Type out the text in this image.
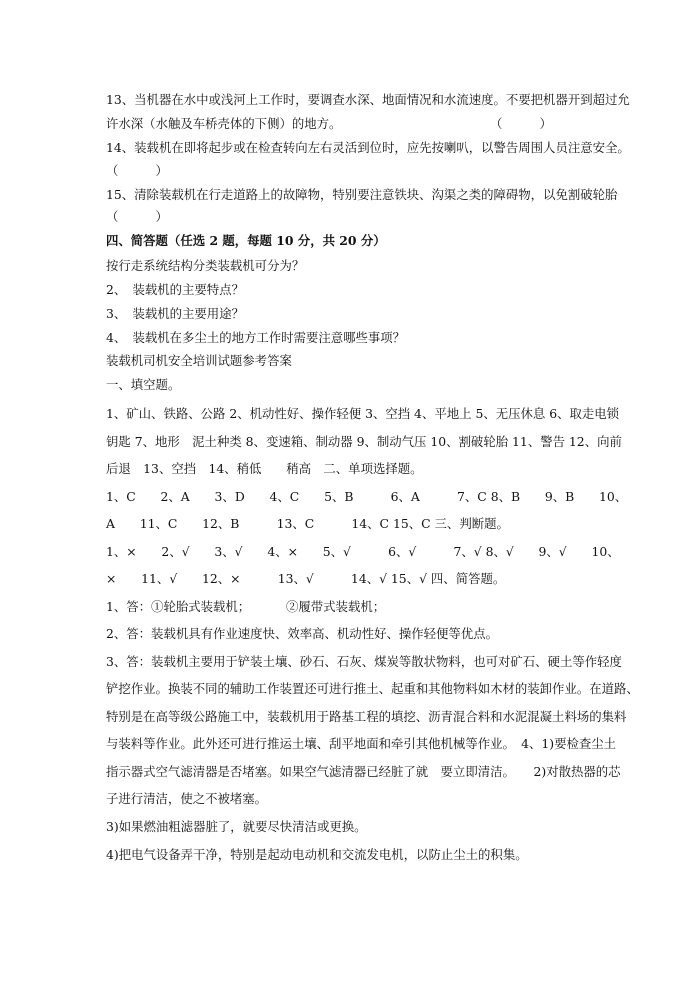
13、当机器在水中或浅河上工作时，要调查水深、地面情况和水流速度。不要把机器开到超过允
许水深（水触及车桥壳体的下侧）的地方。	（　　　）
14、装载机在即将起步或在检查转向左右灵活到位时，应先按喇叭，以警告周围人员注意安全。
（　　　）
15、清除装载机在行走道路上的故障物，特别要注意铁块、沟渠之类的障碍物，以免割破轮胎
（　　　）
四、简答题（任选 2 题，每题 10 分，共 20 分）
按行走系统结构分类装载机可分为？
2、　装载机的主要特点？
3、　装载机的主要用途？
4、　装载机在多尘土的地方工作时需要注意哪些事项？
装载机司机安全培训试题参考答案
一、填空题。
1、矿山、铁路、公路 2、机动性好、操作轻便 3、空挡 4、平地上 5、无压休息 6、取走电锁
钥匙 7、地形　泥土种类 8、变速箱、制动器 9、制动气压 10、割破轮胎 11、警告 12、向前
后退　13、空挡　14、稍低　　稍高　二、单项选择题。
1、C　　2、A　　3、D　　4、C　　5、B　　　6、A　　　7、C 8、B　　9、B　　10、
A　　11、C　　12、B　　　13、C　　　14、C 15、C 三、判断题。
1、×　　2、√　　3、√　　4、×　　5、√　　　6、√　　　7、√ 8、√　　9、√　　10、
×　　11、√　　12、×　　　13、√　　　14、√ 15、√ 四、简答题。
1、答：①轮胎式装载机；	②履带式装载机；
2、答：装载机具有作业速度快、效率高、机动性好、操作轻便等优点。
3、答：装载机主要用于铲装土壤、砂石、石灰、煤炭等散状物料，也可对矿石、硬土等作轻度
铲挖作业。换装不同的辅助工作装置还可进行推土、起重和其他物料如木材的装卸作业。在道路、
特别是在高等级公路施工中，装载机用于路基工程的填挖、沥青混合料和水泥混凝土料场的集料
与装料等作业。此外还可进行推运土壤、刮平地面和牵引其他机械等作业。　4、1)要检查尘土
指示器式空气滤清器是否堵塞。如果空气滤清器已经脏了就　要立即清洁。　　2)对散热器的芯
子进行清洁，使之不被堵塞。
3)如果燃油粗滤器脏了，就要尽快清洁或更换。
4)把电气设备弄干净，特别是起动电动机和交流发电机，以防止尘土的积集。
